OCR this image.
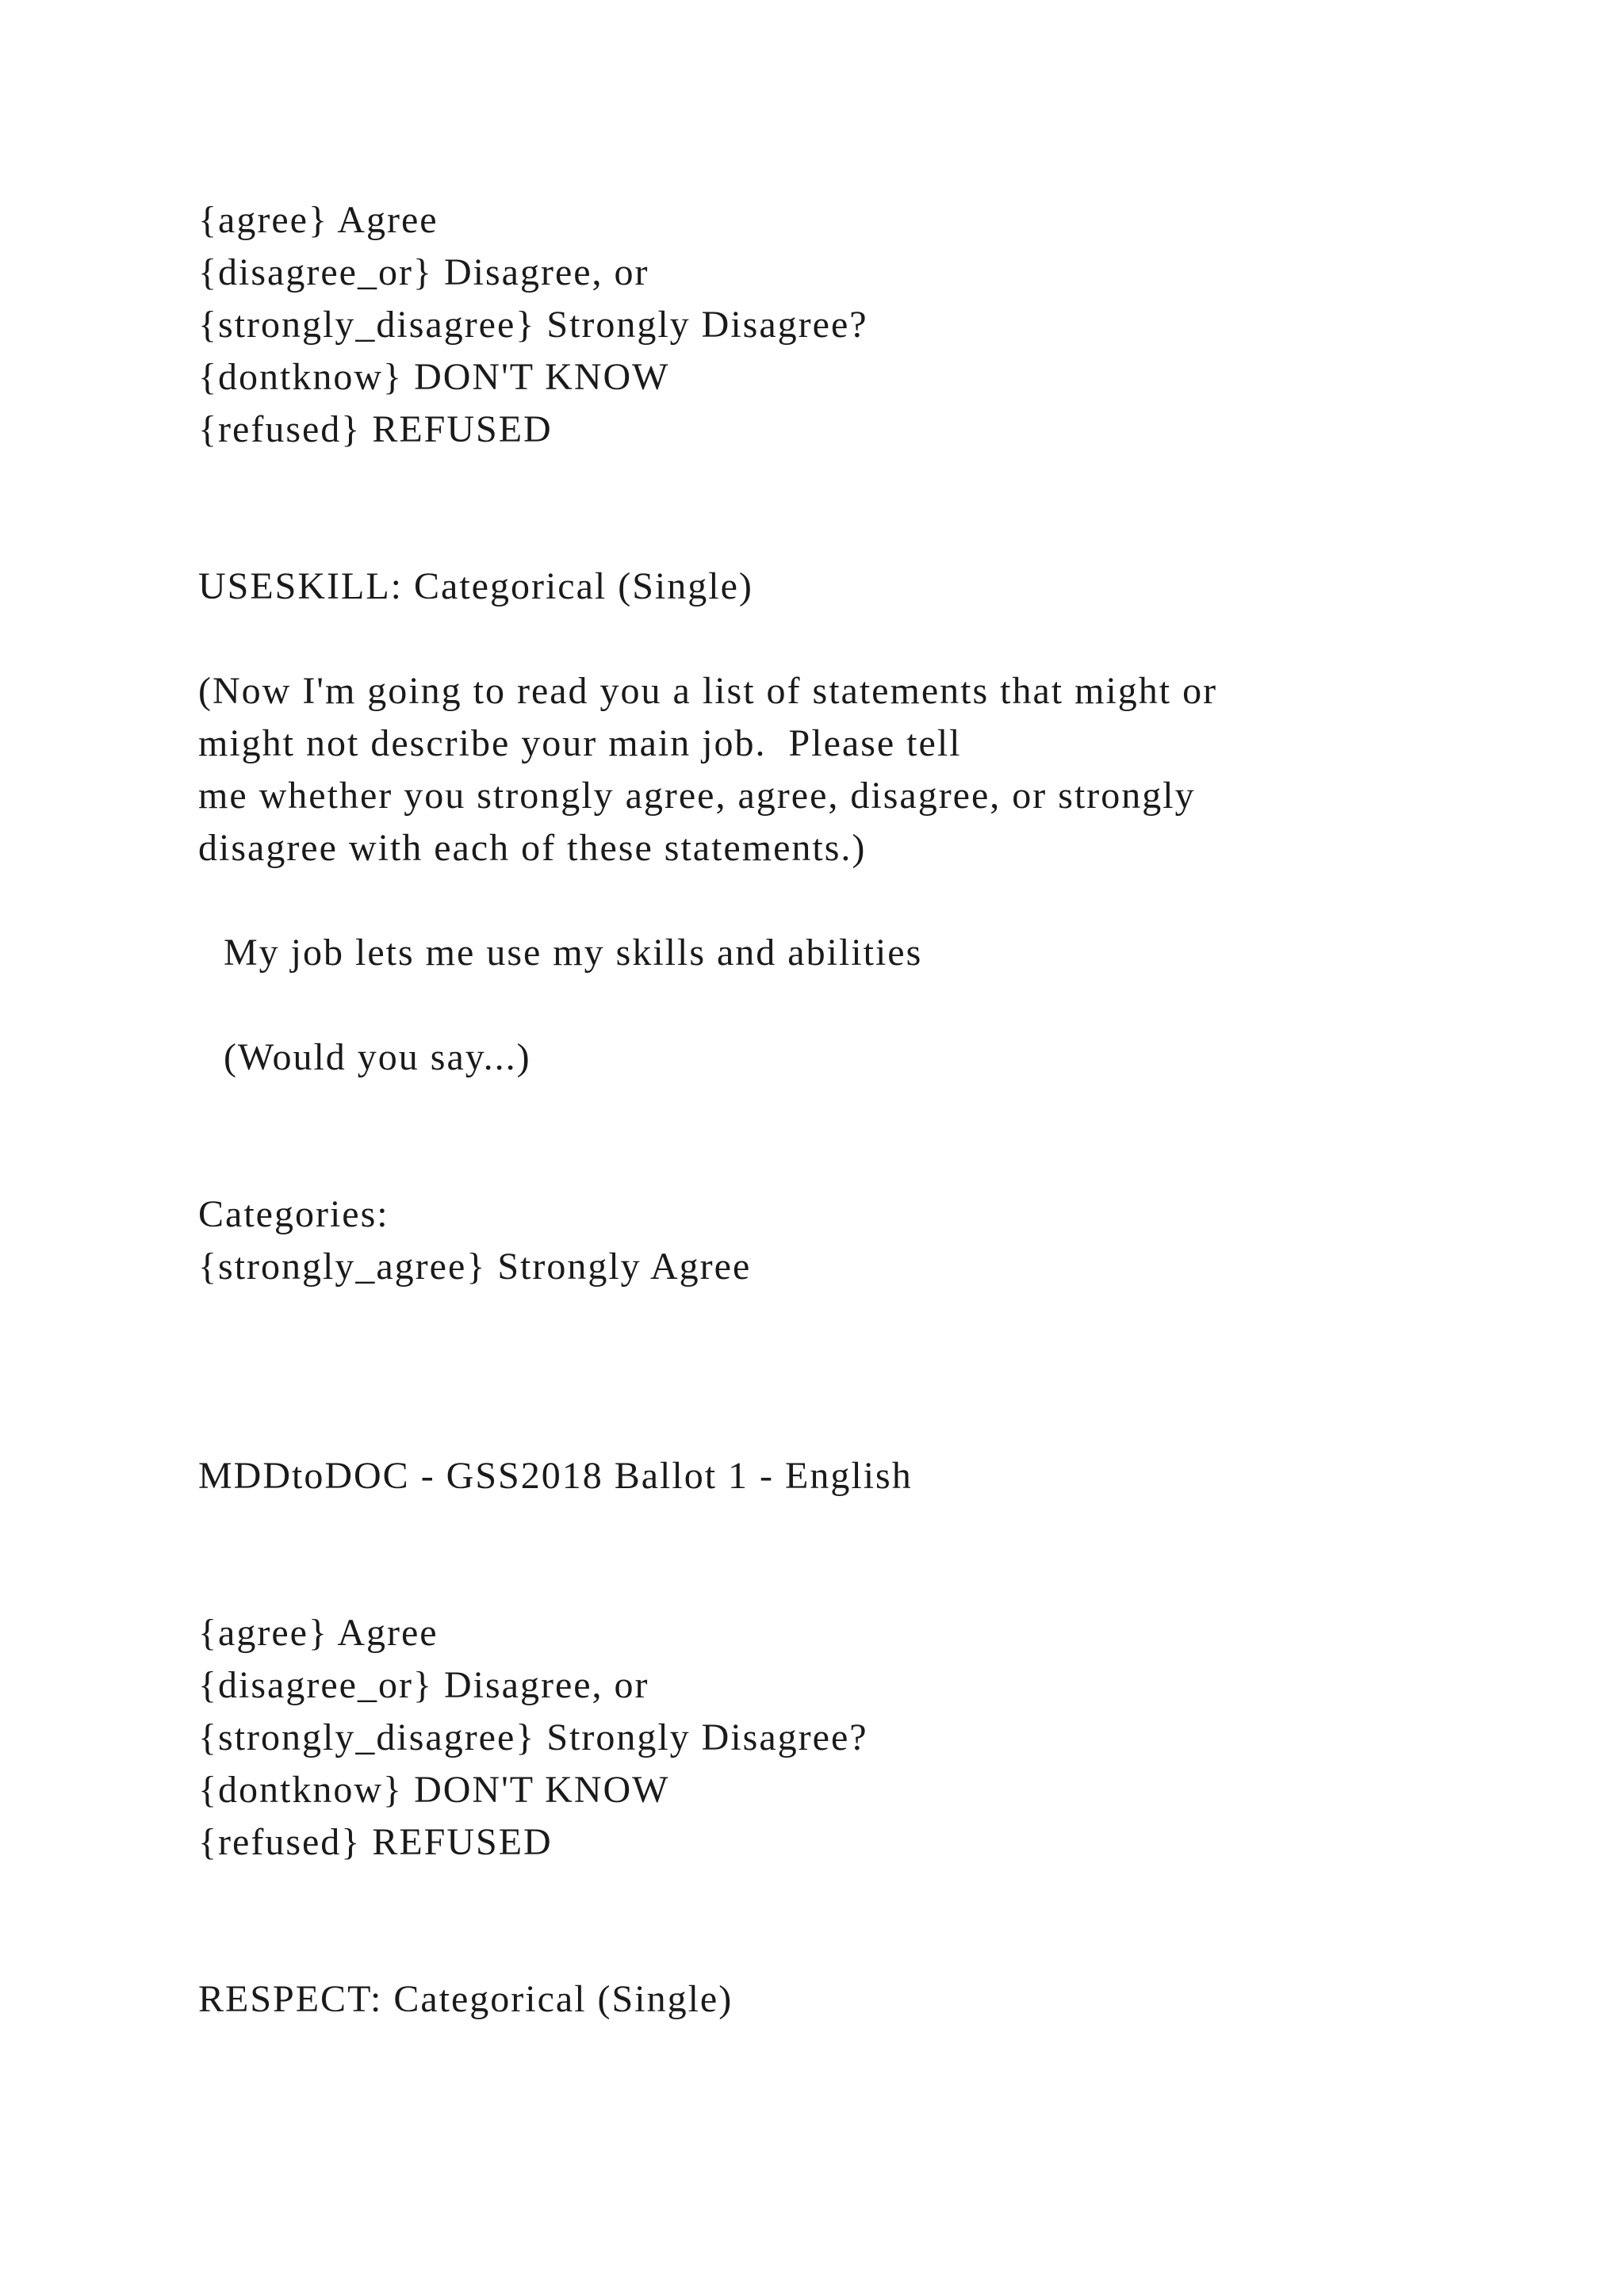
{agree} Agree
{disagree_or} Disagree, or
{strongly_disagree} Strongly Disagree?
{dontknow} DON'T KNOW
{refused} REFUSED
USESKILL: Categorical (Single)
(Now I'm going to read you a list of statements that might or
might not describe your main job.  Please tell
me whether you strongly agree, agree, disagree, or strongly
disagree with each of these statements.)
My job lets me use my skills and abilities
(Would you say...)
Categories:
{strongly_agree} Strongly Agree
MDDtoDOC - GSS2018 Ballot 1 - English
{agree} Agree
{disagree_or} Disagree, or
{strongly_disagree} Strongly Disagree?
{dontknow} DON'T KNOW
{refused} REFUSED
RESPECT: Categorical (Single)
